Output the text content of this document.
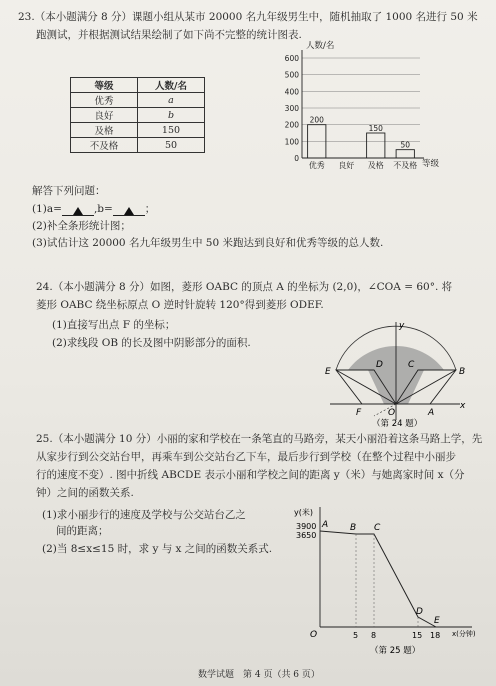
23.（本小题满分 8 分）课题小组从某市 20000 名九年级男生中，随机抽取了 1000 名进行 50 米
跑测试，并根据测试结果绘制了如下尚不完整的统计图表.
等级	人数/名
优秀	a
良好	b
及格	150
不及格	50
人数/名
等级
0
100
200
300
400
500
600
200
优秀 良好
150
及格
50
不及格
解答下列问题：
(1)a=	,b=	；
(2)补全条形统计图；
(3)试估计这 20000 名九年级男生中 50 米跑达到良好和优秀等级的总人数.
24.（本小题满分 8 分）如图，菱形 OABC 的顶点 A 的坐标为 (2,0)，∠COA = 60°. 将
菱形 OABC 绕坐标原点 O 逆时针旋转 120°得到菱形 ODEF.
(1)直接写出点 F 的坐标；
(2)求线段 OB 的长及图中阴影部分的面积.
E
D	C
B
F	O	A
x
y
（第 24 题）
25.（本小题满分 10 分）小丽的家和学校在一条笔直的马路旁，某天小丽沿着这条马路上学，先
从家步行到公交站台甲，再乘车到公交站台乙下车，最后步行到学校（在整个过程中小丽步
行的速度不变）. 图中折线 ABCDE 表示小丽和学校之间的距离 y（米）与她离家时间 x（分
钟）之间的函数关系.
(1)求小丽步行的速度及学校与公交站台乙之
间的距离；
(2)当 8≤x≤15 时，求 y 与 x 之间的函数关系式.
y(米)
x(分钟)
3900
3650
A B C
D
E
O	5 8	15 18
（第 25 题）
数学试题　第 4 页（共 6 页）
